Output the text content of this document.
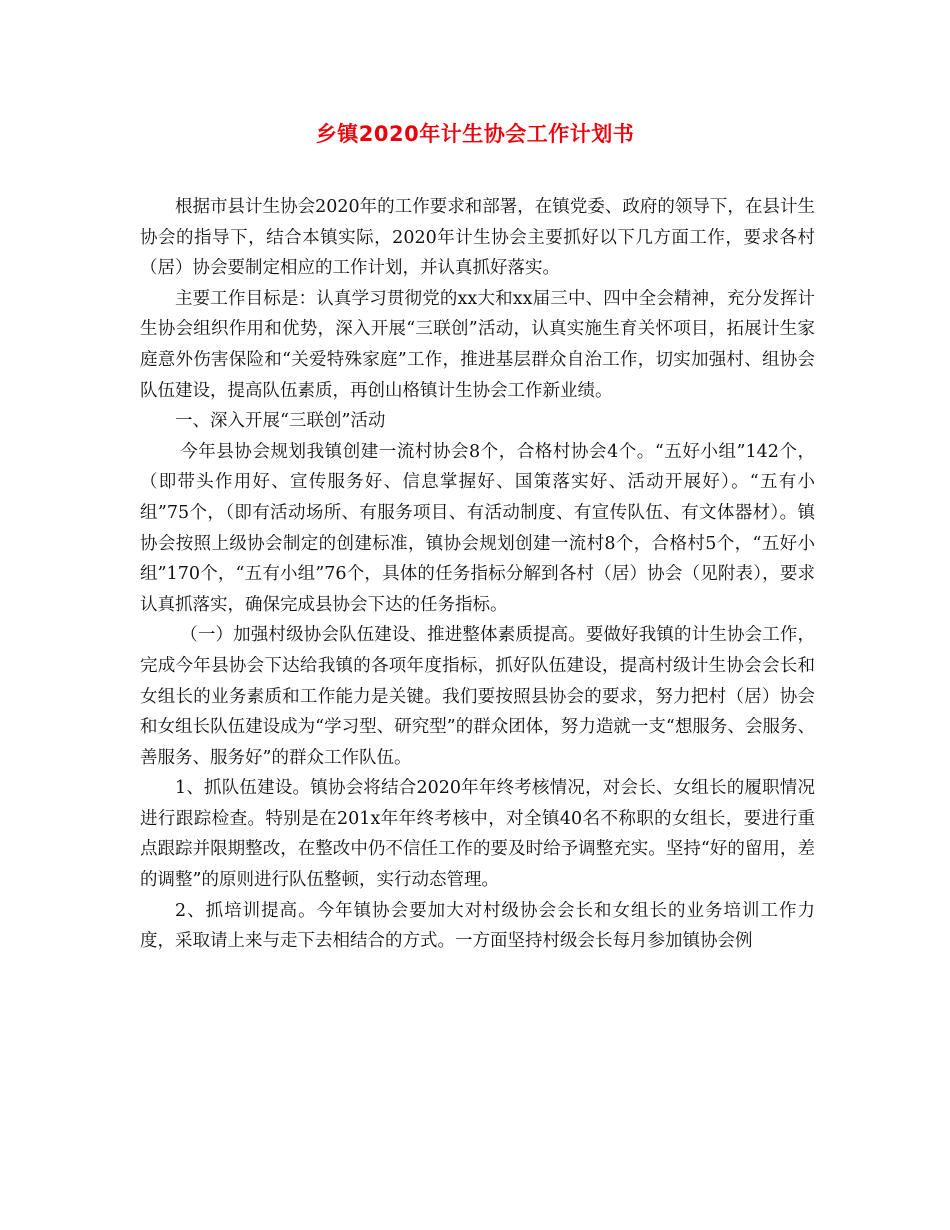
乡镇2020年计生协会工作计划书

根据市县计生协会2020年的工作要求和部署，在镇党委、政府的领导下，在县计生协会的指导下，结合本镇实际，2020年计生协会主要抓好以下几方面工作，要求各村（居）协会要制定相应的工作计划，并认真抓好落实。

主要工作目标是：认真学习贯彻党的xx大和xx届三中、四中全会精神，充分发挥计生协会组织作用和优势，深入开展“三联创”活动，认真实施生育关怀项目，拓展计生家庭意外伤害保险和“关爱特殊家庭”工作，推进基层群众自治工作，切实加强村、组协会队伍建设，提高队伍素质，再创山格镇计生协会工作新业绩。

一、深入开展“三联创”活动

今年县协会规划我镇创建一流村协会8个，合格村协会4个。“五好小组”142个，（即带头作用好、宣传服务好、信息掌握好、国策落实好、活动开展好）。“五有小组”75个，（即有活动场所、有服务项目、有活动制度、有宣传队伍、有文体器材）。镇协会按照上级协会制定的创建标准，镇协会规划创建一流村8个，合格村5个，“五好小组”170个，“五有小组”76个，具体的任务指标分解到各村（居）协会（见附表），要求认真抓落实，确保完成县协会下达的任务指标。

（一）加强村级协会队伍建设、推进整体素质提高。要做好我镇的计生协会工作，完成今年县协会下达给我镇的各项年度指标，抓好队伍建设，提高村级计生协会会长和女组长的业务素质和工作能力是关键。我们要按照县协会的要求，努力把村（居）协会和女组长队伍建设成为“学习型、研究型”的群众团体，努力造就一支“想服务、会服务、善服务、服务好”的群众工作队伍。

1、抓队伍建设。镇协会将结合2020年年终考核情况，对会长、女组长的履职情况进行跟踪检查。特别是在201x年年终考核中，对全镇40名不称职的女组长，要进行重点跟踪并限期整改，在整改中仍不信任工作的要及时给予调整充实。坚持“好的留用，差的调整”的原则进行队伍整顿，实行动态管理。

2、抓培训提高。今年镇协会要加大对村级协会会长和女组长的业务培训工作力度，采取请上来与走下去相结合的方式。一方面坚持村级会长每月参加镇协会例
